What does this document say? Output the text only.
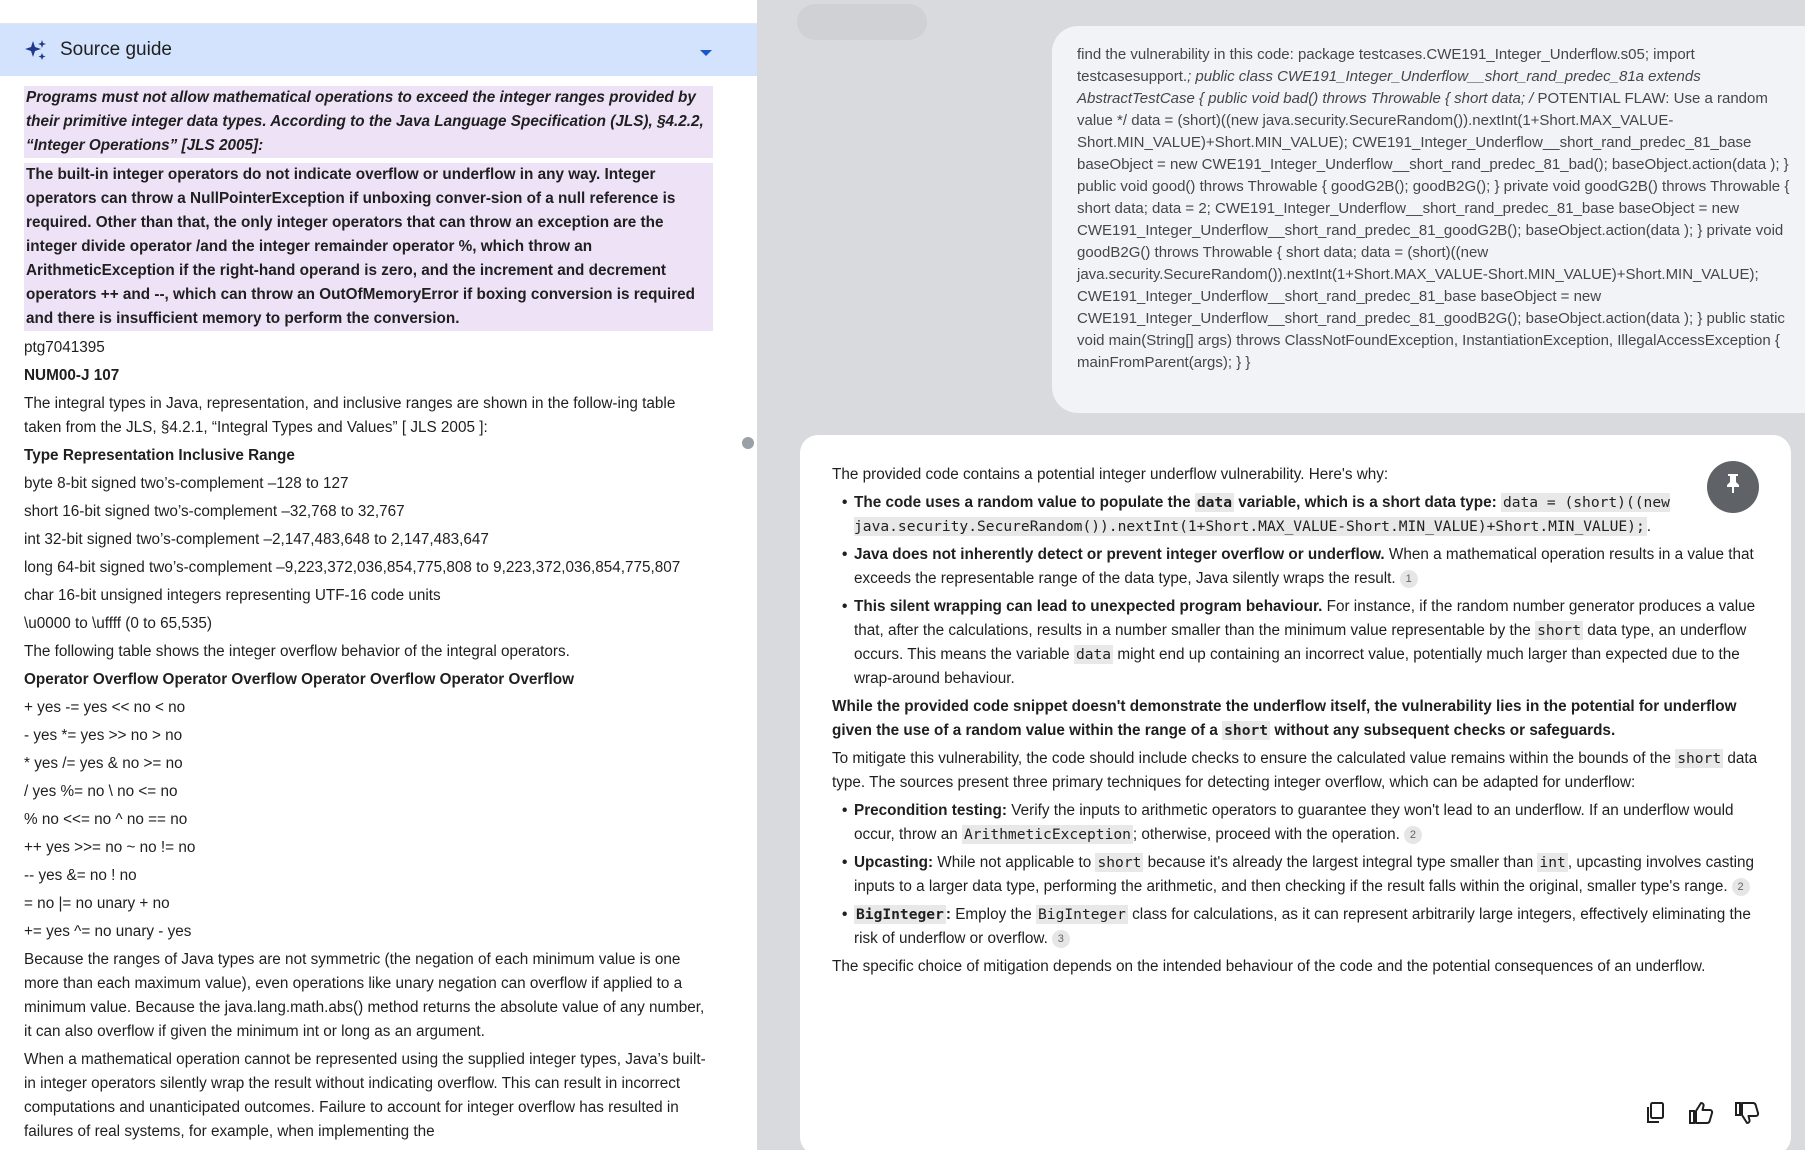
Source guide

Programs must not allow mathematical operations to exceed the integer ranges provided by their primitive integer data types. According to the Java Language Specification (JLS), §4.2.2, “Integer Operations” [JLS 2005]:

The built-in integer operators do not indicate overflow or underflow in any way. Integer operators can throw a NullPointerException if unboxing conver-sion of a null reference is required. Other than that, the only integer operators that can throw an exception are the integer divide operator /and the integer remainder operator %, which throw an ArithmeticException if the right-hand operand is zero, and the increment and decrement operators ++ and --, which can throw an OutOfMemoryError if boxing conversion is required and there is insufficient memory to perform the conversion.

ptg7041395

NUM00-J 107

The integral types in Java, representation, and inclusive ranges are shown in the follow-ing table taken from the JLS, §4.2.1, “Integral Types and Values” [ JLS 2005 ]:

Type Representation Inclusive Range

byte 8-bit signed two’s-complement –128 to 127

short 16-bit signed two’s-complement –32,768 to 32,767

int 32-bit signed two’s-complement –2,147,483,648 to 2,147,483,647

long 64-bit signed two’s-complement –9,223,372,036,854,775,808 to 9,223,372,036,854,775,807

char 16-bit unsigned integers representing UTF-16 code units

\u0000 to \uffff (0 to 65,535)

The following table shows the integer overflow behavior of the integral operators.

Operator Overflow Operator Overflow Operator Overflow Operator Overflow

+ yes -= yes << no < no

- yes *= yes >> no > no

* yes /= yes & no >= no

/ yes %= no \ no <= no

% no <<= no ^ no == no

++ yes >>= no ~ no != no

-- yes &= no ! no

= no |= no unary + no

+= yes ^= no unary - yes

Because the ranges of Java types are not symmetric (the negation of each minimum value is one more than each maximum value), even operations like unary negation can overflow if applied to a minimum value. Because the java.lang.math.abs() method returns the absolute value of any number, it can also overflow if given the minimum int or long as an argument.

When a mathematical operation cannot be represented using the supplied integer types, Java’s built-in integer operators silently wrap the result without indicating overflow. This can result in incorrect computations and unanticipated outcomes. Failure to account for integer overflow has resulted in failures of real systems, for example, when implementing the

find the vulnerability in this code: package testcases.CWE191_Integer_Underflow.s05; import testcasesupport.; public class CWE191_Integer_Underflow__short_rand_predec_81a extends AbstractTestCase { public void bad() throws Throwable { short data; / POTENTIAL FLAW: Use a random value */ data = (short)((new java.security.SecureRandom()).nextInt(1+Short.MAX_VALUE-Short.MIN_VALUE)+Short.MIN_VALUE); CWE191_Integer_Underflow__short_rand_predec_81_base baseObject = new CWE191_Integer_Underflow__short_rand_predec_81_bad(); baseObject.action(data ); } public void good() throws Throwable { goodG2B(); goodB2G(); } private void goodG2B() throws Throwable { short data; data = 2; CWE191_Integer_Underflow__short_rand_predec_81_base baseObject = new CWE191_Integer_Underflow__short_rand_predec_81_goodG2B(); baseObject.action(data ); } private void goodB2G() throws Throwable { short data; data = (short)((new java.security.SecureRandom()).nextInt(1+Short.MAX_VALUE-Short.MIN_VALUE)+Short.MIN_VALUE); CWE191_Integer_Underflow__short_rand_predec_81_base baseObject = new CWE191_Integer_Underflow__short_rand_predec_81_goodB2G(); baseObject.action(data ); } public static void main(String[] args) throws ClassNotFoundException, InstantiationException, IllegalAccessException { mainFromParent(args); } }

The provided code contains a potential integer underflow vulnerability. Here's why:

• The code uses a random value to populate the data variable, which is a short data type: data = (short)((new java.security.SecureRandom()).nextInt(1+Short.MAX_VALUE-Short.MIN_VALUE)+Short.MIN_VALUE); .
• Java does not inherently detect or prevent integer overflow or underflow. When a mathematical operation results in a value that exceeds the representable range of the data type, Java silently wraps the result. 1
• This silent wrapping can lead to unexpected program behaviour. For instance, if the random number generator produces a value that, after the calculations, results in a number smaller than the minimum value representable by the short data type, an underflow occurs. This means the variable data might end up containing an incorrect value, potentially much larger than expected due to the wrap-around behaviour.

While the provided code snippet doesn't demonstrate the underflow itself, the vulnerability lies in the potential for underflow given the use of a random value within the range of a short without any subsequent checks or safeguards.

To mitigate this vulnerability, the code should include checks to ensure the calculated value remains within the bounds of the short data type. The sources present three primary techniques for detecting integer overflow, which can be adapted for underflow:

• Precondition testing: Verify the inputs to arithmetic operators to guarantee they won't lead to an underflow. If an underflow would occur, throw an ArithmeticException ; otherwise, proceed with the operation. 2
• Upcasting: While not applicable to short because it's already the largest integral type smaller than int , upcasting involves casting inputs to a larger data type, performing the arithmetic, and then checking if the result falls within the original, smaller type's range. 2
• BigInteger : Employ the BigInteger class for calculations, as it can represent arbitrarily large integers, effectively eliminating the risk of underflow or overflow. 3

The specific choice of mitigation depends on the intended behaviour of the code and the potential consequences of an underflow.
